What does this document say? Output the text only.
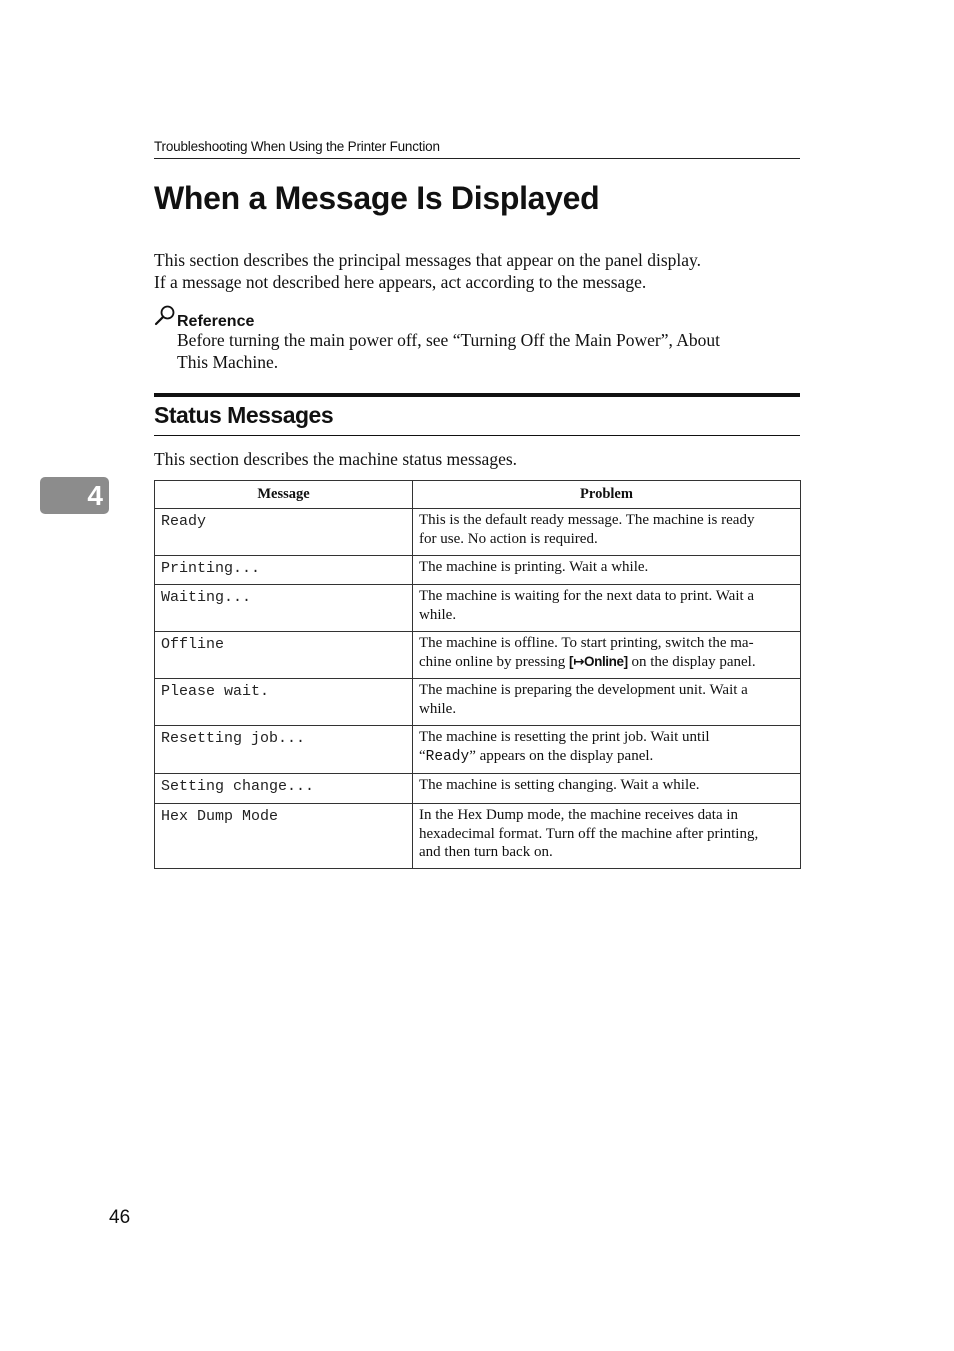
Troubleshooting When Using the Printer Function
When a Message Is Displayed

This section describes the principal messages that appear on the panel display.
If a message not described here appears, act according to the message.

Reference

Before turning the main power off, see “Turning Off the Main Power”, About
This Machine.

Status Messages

This section describes the machine status messages.

4	Message	Problem
Ready	This is the default ready message. The machine is ready
for use. No action is required.
Printing...	The machine is printing. Wait a while.
Waiting...	The machine is waiting for the next data to print. Wait a
while.
Offline	The machine is offline. To start printing, switch the ma-
chine online by pressing [↦Online] on the display panel.
Please wait.	The machine is preparing the development unit. Wait a
while.
Resetting job...	The machine is resetting the print job. Wait until
“Ready” appears on the display panel.
Setting change...	The machine is setting changing. Wait a while.
Hex Dump Mode	In the Hex Dump mode, the machine receives data in
hexadecimal format. Turn off the machine after printing,
and then turn back on.
46
